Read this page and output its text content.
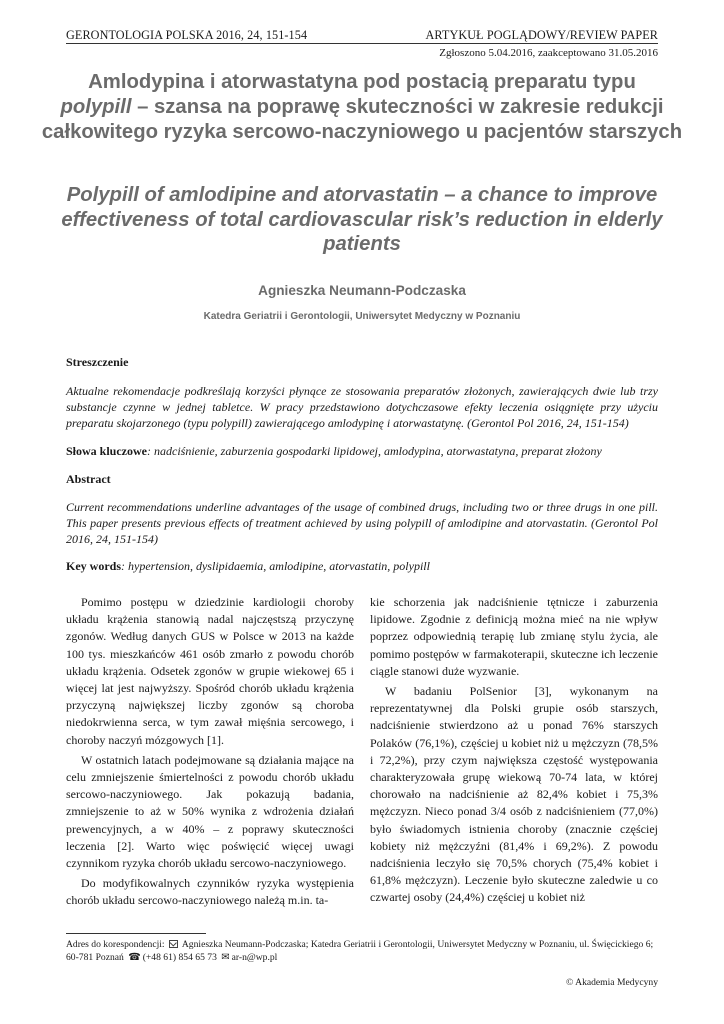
GERONTOLOGIA POLSKA 2016, 24, 151-154	ARTYKUŁ POGLĄDOWY/REVIEW PAPER
Zgłoszono 5.04.2016, zaakceptowano 31.05.2016
Amlodypina i atorwastatyna pod postacią preparatu typu
polypill – szansa na poprawę skuteczności w zakresie redukcji całkowitego ryzyka sercowo-naczyniowego u pacjentów starszych
Polypill of amlodipine and atorvastatin – a chance to improve effectiveness of total cardiovascular risk’s reduction in elderly patients
Agnieszka Neumann-Podczaska
Katedra Geriatrii i Gerontologii, Uniwersytet Medyczny w Poznaniu
Streszczenie
Aktualne rekomendacje podkreślają korzyści płynące ze stosowania preparatów złożonych, zawierających dwie lub trzy substancje czynne w jednej tabletce. W pracy przedstawiono dotychczasowe efekty leczenia osiągnięte przy użyciu preparatu skojarzonego (typu polypill) zawierającego amlodypinę i atorwastatynę. (Gerontol Pol 2016, 24, 151-154)
Słowa kluczowe: nadciśnienie, zaburzenia gospodarki lipidowej, amlodypina, atorwastatyna, preparat złożony
Abstract
Current recommendations underline advantages of the usage of combined drugs, including two or three drugs in one pill. This paper presents previous effects of treatment achieved by using polypill of amlodipine and atorvastatin. (Gerontol Pol 2016, 24, 151-154)
Key words: hypertension, dyslipidaemia, amlodipine, atorvastatin, polypill

Pomimo postępu w dziedzinie kardiologii choroby układu krążenia stanowią nadal najczęstszą przyczynę zgonów. Według danych GUS w Polsce w 2013 na każde 100 tys. mieszkańców 461 osób zmarło z powodu chorób układu krążenia. Odsetek zgonów w grupie wiekowej 65 i więcej lat jest najwyższy. Spośród chorób układu krążenia przyczyną największej liczby zgonów są choroba niedokrwienna serca, w tym zawał mięśnia sercowego, i choroby naczyń mózgowych [1].

W ostatnich latach podejmowane są działania mające na celu zmniejszenie śmiertelności z powodu chorób układu sercowo-naczyniowego. Jak pokazują badania, zmniejszenie to aż w 50% wynika z wdrożenia działań prewencyjnych, a w 40% – z poprawy skuteczności leczenia [2]. Warto więc poświęcić więcej uwagi czynnikom ryzyka chorób układu sercowo-naczyniowego.

Do modyfikowalnych czynników ryzyka występienia chorób układu sercowo-naczyniowego należą m.in. ta-

kie schorzenia jak nadciśnienie tętnicze i zaburzenia lipidowe. Zgodnie z definicją można mieć na nie wpływ poprzez odpowiednią terapię lub zmianę stylu życia, ale pomimo postępów w farmakoterapii, skuteczne ich leczenie ciągle stanowi duże wyzwanie.

W badaniu PolSenior [3], wykonanym na reprezentatywnej dla Polski grupie osób starszych, nadciśnienie stwierdzono aż u ponad 76% starszych Polaków (76,1%), częściej u kobiet niż u mężczyzn (78,5% i 72,2%), przy czym największa częstość występowania charakteryzowała grupę wiekową 70-74 lata, w której chorowało na nadciśnienie aż 82,4% kobiet i 75,3% mężczyzn. Nieco ponad 3/4 osób z nadciśnieniem (77,0%) było świadomych istnienia choroby (znacznie częściej kobiety niż mężczyźni (81,4% i 69,2%). Z powodu nadciśnienia leczyło się 70,5% chorych (75,4% kobiet i 61,8% mężczyzn). Leczenie było skuteczne zaledwie u co czwartej osoby (24,4%) częściej u kobiet niż

Adres do korespondencji: Agnieszka Neumann-Podczaska; Katedra Geriatrii i Gerontologii, Uniwersytet Medyczny w Poznaniu, ul. Święcickiego 6; 60-781 Poznań ☎ (+48 61) 854 65 73 ✉ ar-n@wp.pl
© Akademia Medycyny
